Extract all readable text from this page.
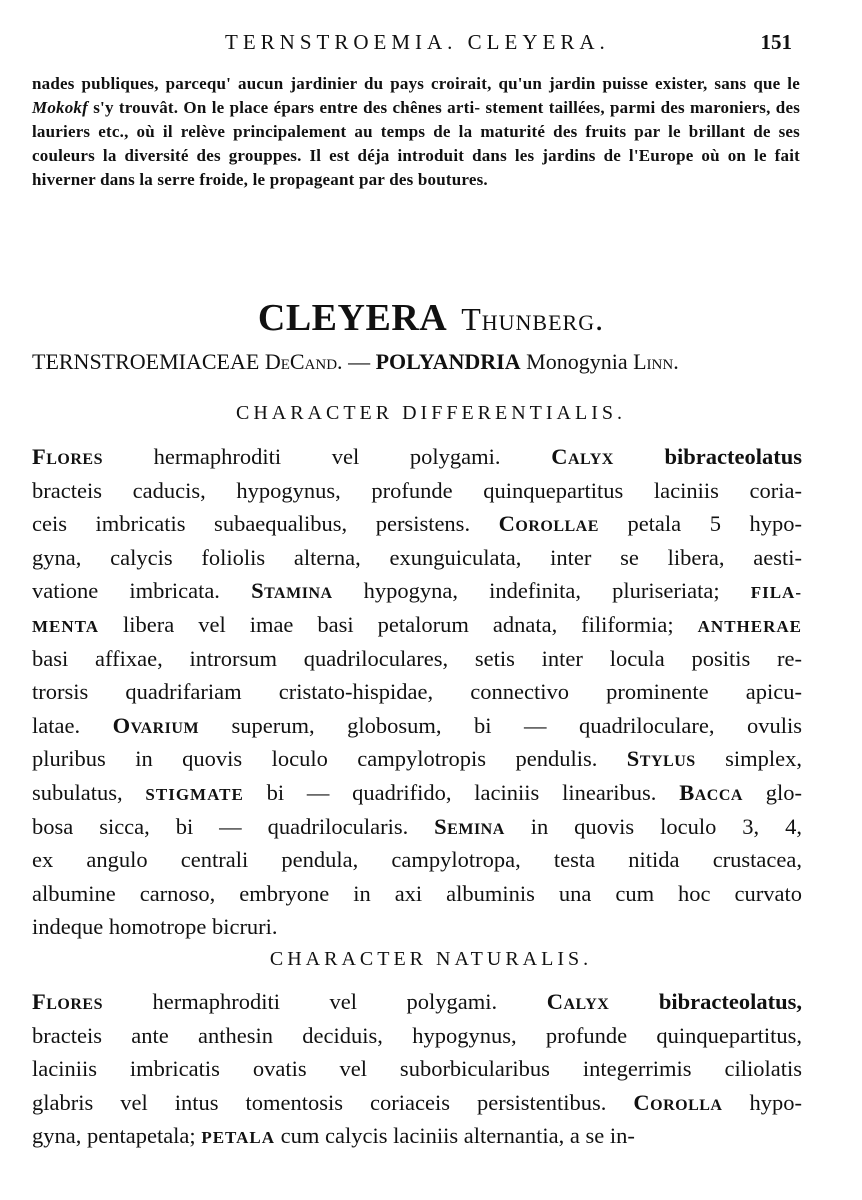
TERNSTROEMIA. CLEYERA.	151
nades publiques, parcequ' aucun jardinier du pays croirait, qu'un jardin puisse exister, sans que le Mokokf s'y trouvât. On le place épars entre des chênes arti- stement taillées, parmi des maroniers, des lauriers etc., où il relève principalement au temps de la maturité des fruits par le brillant de ses couleurs la diversité des grouppes. Il est déja introduit dans les jardins de l'Europe où on le fait hiverner dans la serre froide, le propageant par des boutures.
CLEYERA Thunberg.
TERNSTROEMIACEAE DeCand. — POLYANDRIA Monogynia Linn.
CHARACTER DIFFERENTIALIS.
Flores hermaphroditi vel polygami. Calyx bibracteolatus
bracteis caducis, hypogynus, profunde quinquepartitus laciniis coria-
ceis imbricatis subaequalibus, persistens. Corollae petala 5 hypo-
gyna, calycis foliolis alterna, exunguiculata, inter se libera, aesti-
vatione imbricata. Stamina hypogyna, indefinita, pluriseriata; FILA-
MENTA libera vel imae basi petalorum adnata, filiformia; ANTHERAE
basi affixae, introrsum quadriloculares, setis inter locula positis re-
trorsis quadrifariam cristato-hispidae, connectivo prominente apicu-
latae. Ovarium superum, globosum, bi — quadriloculare, ovulis
pluribus in quovis loculo campylotropis pendulis. Stylus simplex,
subulatus, STIGMATE bi — quadrifido, laciniis linearibus. Bacca glo-
bosa sicca, bi — quadrilocularis. Semina in quovis loculo 3, 4,
ex angulo centrali pendula, campylotropa, testa nitida crustacea,
albumine carnoso, embryone in axi albuminis una cum hoc curvato
indeque homotrope bicruri.
CHARACTER NATURALIS.
Flores hermaphroditi vel polygami. Calyx bibracteolatus,
bracteis ante anthesin deciduis, hypogynus, profunde quinquepartitus,
laciniis imbricatis ovatis vel suborbicularibus integerrimis ciliolatis
glabris vel intus tomentosis coriaceis persistentibus. Corolla hypo-
gyna, pentapetala; PETALA cum calycis laciniis alternantia, a se in-
